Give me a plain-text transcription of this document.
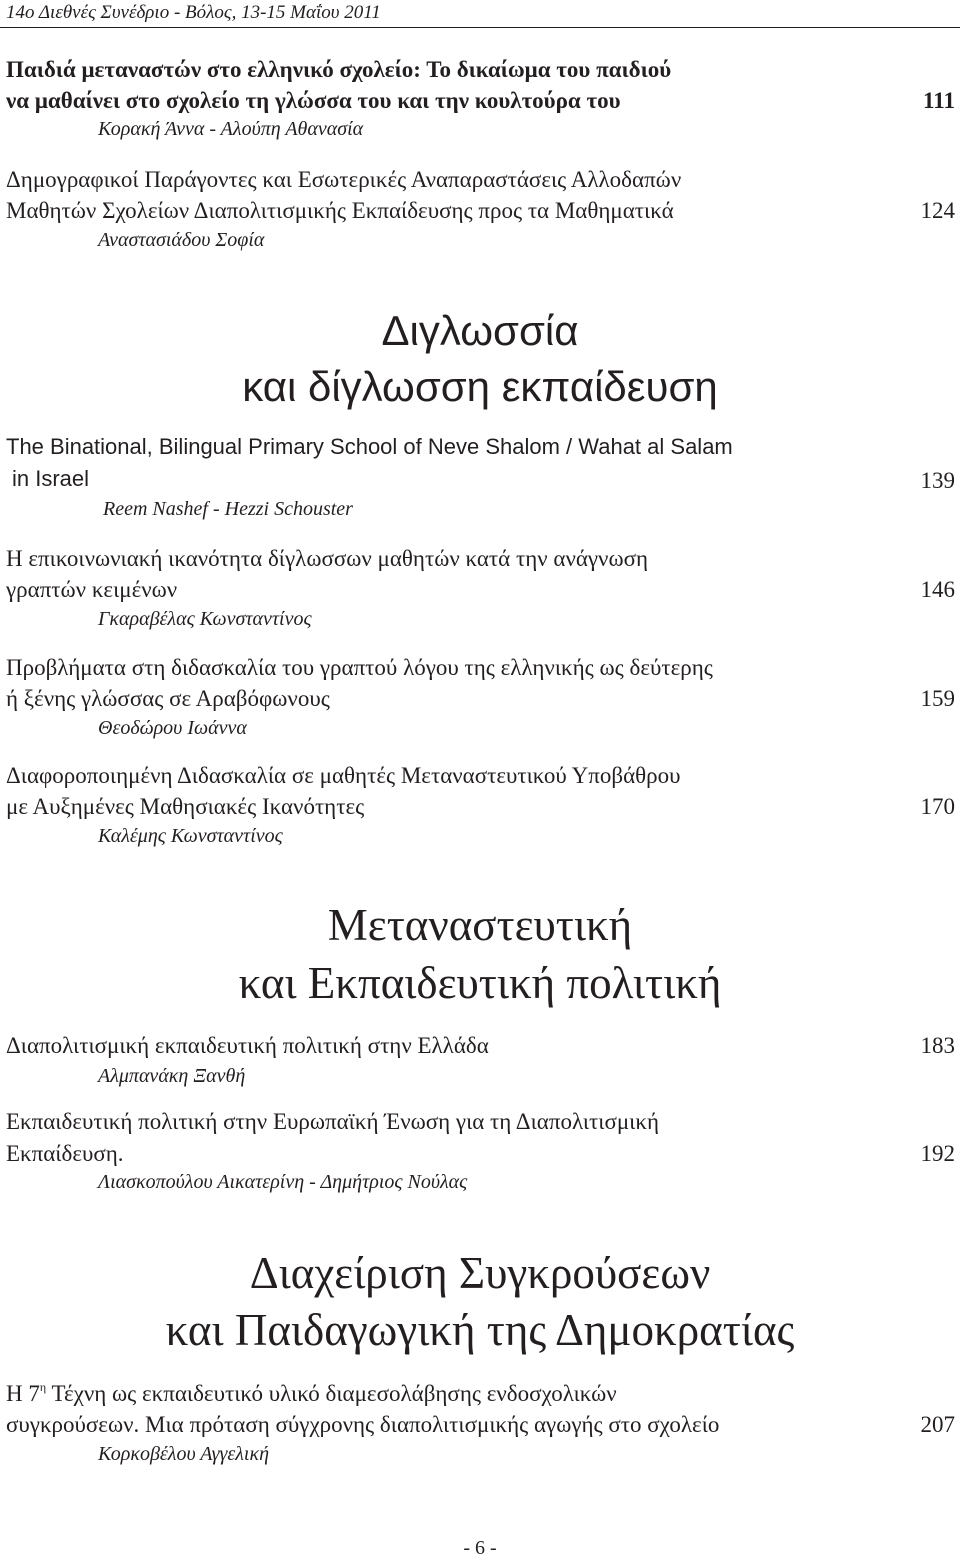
14ο Διεθνές Συνέδριο - Βόλος, 13-15 Μαΐου 2011
Παιδιά μεταναστών στο ελληνικό σχολείο: Το δικαίωμα του παιδιού
να μαθαίνει στο σχολείο τη γλώσσα του και την κουλτούρα του	111
Κορακή Άννα - Αλούπη Αθανασία
Δημογραφικοί Παράγοντες και Εσωτερικές Αναπαραστάσεις Αλλοδαπών
Μαθητών Σχολείων Διαπολιτισμικής Εκπαίδευσης προς τα Μαθηματικά	124
Αναστασιάδου Σοφία
Διγλωσσία
και δίγλωσση εκπαίδευση
The Binational, Bilingual Primary School of Neve Shalom / Wahat al Salam
in Israel	139
Reem Nashef - Hezzi Schouster
Η επικοινωνιακή ικανότητα δίγλωσσων μαθητών κατά την ανάγνωση
γραπτών κειμένων	146
Γκαραβέλας Κωνσταντίνος
Προβλήματα στη διδασκαλία του γραπτού λόγου της ελληνικής ως δεύτερης
ή ξένης γλώσσας σε Αραβόφωνους	159
Θεοδώρου Ιωάννα
Διαφοροποιημένη Διδασκαλία σε μαθητές Μεταναστευτικού Υποβάθρου
με Αυξημένες Μαθησιακές Ικανότητες	170
Καλέμης Κωνσταντίνος
Μεταναστευτική
και Εκπαιδευτική πολιτική
Διαπολιτισμική εκπαιδευτική πολιτική στην Ελλάδα	183
Αλμπανάκη Ξανθή
Εκπαιδευτική πολιτική στην Ευρωπαϊκή Ένωση για τη Διαπολιτισμική
Εκπαίδευση.	192
Λιασκοπούλου Αικατερίνη - Δημήτριος Νούλας
Διαχείριση Συγκρούσεων
και Παιδαγωγική της Δημοκρατίας
Η $7^\eta$ Τέχνη ως εκπαιδευτικό υλικό διαμεσολάβησης ενδοσχολικών
συγκρούσεων. Μια πρόταση σύγχρονης διαπολιτισμικής αγωγής στο σχολείο	207
Κορκοβέλου Αγγελική
- 6 -
